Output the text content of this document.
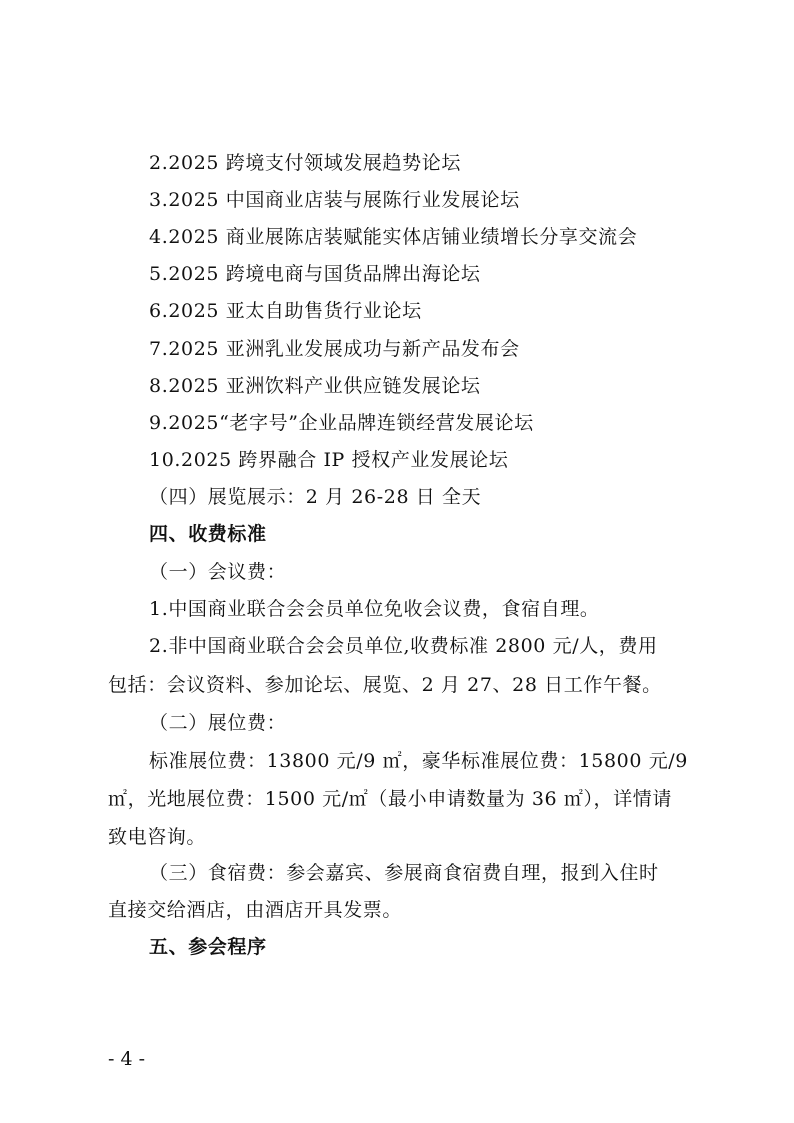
2.2025 跨境支付领域发展趋势论坛
3.2025 中国商业店装与展陈行业发展论坛
4.2025 商业展陈店装赋能实体店铺业绩增长分享交流会
5.2025 跨境电商与国货品牌出海论坛
6.2025 亚太自助售货行业论坛
7.2025 亚洲乳业发展成功与新产品发布会
8.2025 亚洲饮料产业供应链发展论坛
9.2025“老字号”企业品牌连锁经营发展论坛
10.2025 跨界融合 IP 授权产业发展论坛
（四）展览展示：2 月 26-28 日 全天
四、收费标准
（一）会议费：
1.中国商业联合会会员单位免收会议费，食宿自理。
2.非中国商业联合会会员单位,收费标准 2800 元/人，费用
包括：会议资料、参加论坛、展览、2 月 27、28 日工作午餐。
（二）展位费：
标准展位费：13800 元/9 ㎡，豪华标准展位费：15800 元/9
㎡，光地展位费：1500 元/㎡（最小申请数量为 36 ㎡），详情请
致电咨询。
（三）食宿费：参会嘉宾、参展商食宿费自理，报到入住时
直接交给酒店，由酒店开具发票。
五、参会程序
- 4 -
